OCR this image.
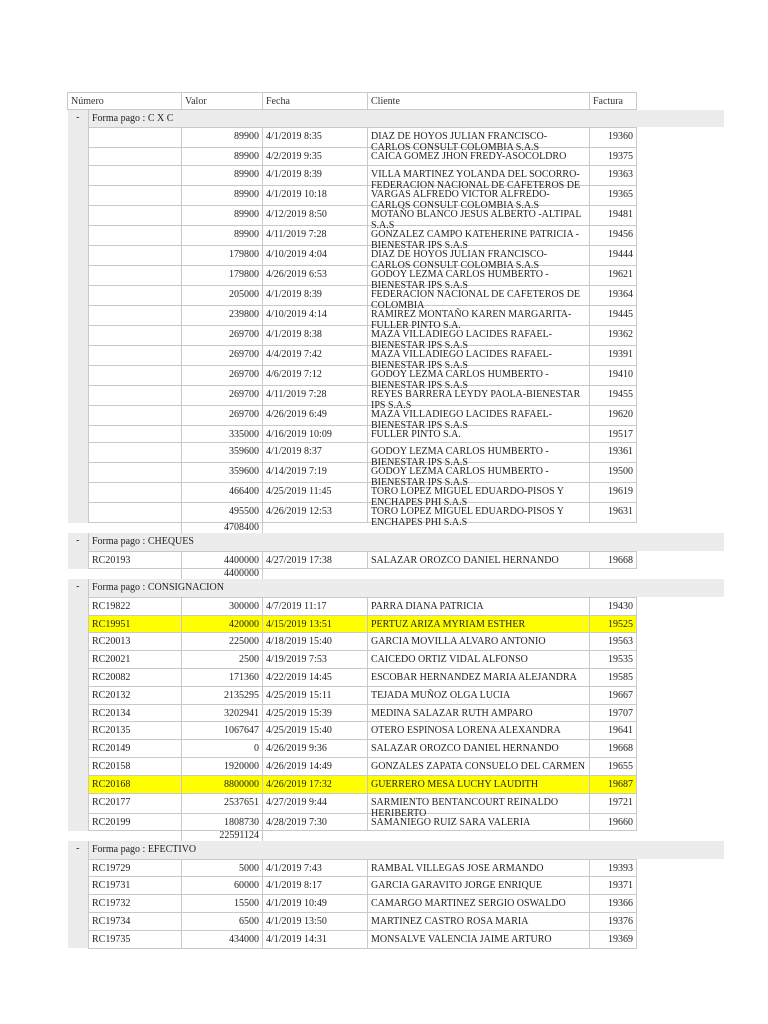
Número		Valor	Fecha	Cliente	Factura	
-	Forma pago : C X C					
		89900	4/1/2019 8:35	DIAZ DE HOYOS JULIAN FRANCISCO-CARLOS CONSULT COLOMBIA S.A.S	19360	
		89900	4/2/2019 9:35	CAICA GOMEZ JHON FREDY-ASOCOLDRO	19375	
		89900	4/1/2019 8:39	VILLA MARTINEZ YOLANDA DEL SOCORRO-FEDERACION NACIONAL DE CAFETEROS DE	19363	
		89900	4/1/2019 10:18	VARGAS ALFREDO VICTOR ALFREDO-CARLOS CONSULT COLOMBIA S.A.S	19365	
		89900	4/12/2019 8:50	MOTAÑO BLANCO JESUS ALBERTO -ALTIPAL S.A.S	19481	
		89900	4/11/2019 7:28	GONZALEZ CAMPO KATEHERINE PATRICIA -BIENESTAR IPS S.A.S	19456	
		179800	4/10/2019 4:04	DIAZ DE HOYOS JULIAN FRANCISCO-CARLOS CONSULT COLOMBIA S.A.S	19444	
		179800	4/26/2019 6:53	GODOY LEZMA CARLOS HUMBERTO -BIENESTAR IPS S.A.S	19621	
		205000	4/1/2019 8:39	FEDERACION NACIONAL DE CAFETEROS DE COLOMBIA	19364	
		239800	4/10/2019 4:14	RAMIREZ MONTAÑO KAREN MARGARITA-FULLER PINTO S.A.	19445	
		269700	4/1/2019 8:38	MAZA VILLADIEGO LACIDES RAFAEL-BIENESTAR IPS S.A.S	19362	
		269700	4/4/2019 7:42	MAZA VILLADIEGO LACIDES RAFAEL-BIENESTAR IPS S.A.S	19391	
		269700	4/6/2019 7:12	GODOY LEZMA CARLOS HUMBERTO -BIENESTAR IPS S.A.S	19410	
		269700	4/11/2019 7:28	REYES BARRERA LEYDY PAOLA-BIENESTAR IPS S.A.S	19455	
		269700	4/26/2019 6:49	MAZA VILLADIEGO LACIDES RAFAEL-BIENESTAR IPS S.A.S	19620	
		335000	4/16/2019 10:09	FULLER PINTO S.A.	19517	
		359600	4/1/2019 8:37	GODOY LEZMA CARLOS HUMBERTO -BIENESTAR IPS S.A.S	19361	
		359600	4/14/2019 7:19	GODOY LEZMA CARLOS HUMBERTO -BIENESTAR IPS S.A.S	19500	
		466400	4/25/2019 11:45	TORO LOPEZ MIGUEL EDUARDO-PISOS Y ENCHAPES PHI S.A.S	19619	
		495500	4/26/2019 12:53	TORO LOPEZ MIGUEL EDUARDO-PISOS Y ENCHAPES PHI S.A.S	19631	
		4708400				
-	Forma pago : CHEQUES					
	RC20193	4400000	4/27/2019 17:38	SALAZAR OROZCO DANIEL HERNANDO	19668	
		4400000				
-	Forma pago : CONSIGNACION					
	RC19822	300000	4/7/2019 11:17	PARRA DIANA PATRICIA	19430	
	RC19951	420000	4/15/2019 13:51	PERTUZ ARIZA MYRIAM ESTHER	19525	
	RC20013	225000	4/18/2019 15:40	GARCIA MOVILLA ALVARO ANTONIO	19563	
	RC20021	2500	4/19/2019 7:53	CAICEDO ORTIZ VIDAL ALFONSO	19535	
	RC20082	171360	4/22/2019 14:45	ESCOBAR HERNANDEZ MARIA ALEJANDRA	19585	
	RC20132	2135295	4/25/2019 15:11	TEJADA MUÑOZ OLGA LUCIA	19667	
	RC20134	3202941	4/25/2019 15:39	MEDINA SALAZAR RUTH AMPARO	19707	
	RC20135	1067647	4/25/2019 15:40	OTERO ESPINOSA LORENA ALEXANDRA	19641	
	RC20149	0	4/26/2019 9:36	SALAZAR OROZCO DANIEL HERNANDO	19668	
	RC20158	1920000	4/26/2019 14:49	GONZALES ZAPATA CONSUELO DEL CARMEN	19655	
	RC20168	8800000	4/26/2019 17:32	GUERRERO MESA LUCHY LAUDITH	19687	
	RC20177	2537651	4/27/2019 9:44	SARMIENTO BENTANCOURT REINALDO HERIBERTO	19721	
	RC20199	1808730	4/28/2019 7:30	SAMANIEGO RUIZ SARA VALERIA	19660	
		22591124				
-	Forma pago : EFECTIVO					
	RC19729	5000	4/1/2019 7:43	RAMBAL VILLEGAS JOSE ARMANDO	19393	
	RC19731	60000	4/1/2019 8:17	GARCIA GARAVITO JORGE ENRIQUE	19371	
	RC19732	15500	4/1/2019 10:49	CAMARGO MARTINEZ SERGIO OSWALDO	19366	
	RC19734	6500	4/1/2019 13:50	MARTINEZ CASTRO ROSA MARIA	19376	
	RC19735	434000	4/1/2019 14:31	MONSALVE VALENCIA JAIME ARTURO	19369	
